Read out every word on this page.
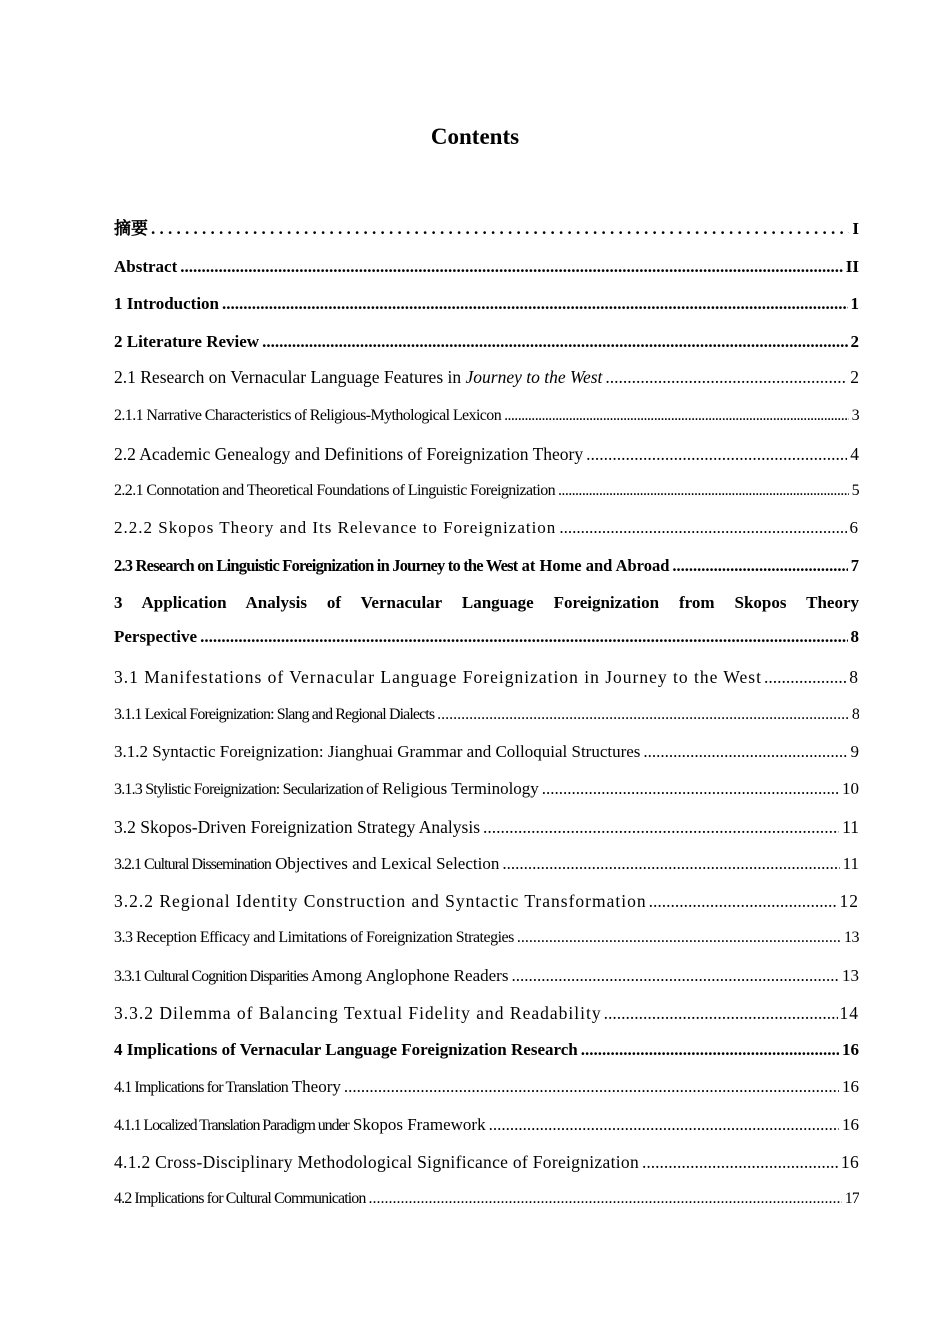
Contents
摘要 . . .	I
Abstract .....	II
1 Introduction .....	1
2 Literature Review .....	2
2.1 Research on Vernacular Language Features in Journey to the West .....	2
2.1.1 Narrative Characteristics of Religious-Mythological Lexicon .....	3
2.2 Academic Genealogy and Definitions of Foreignization Theory .....	4
2.2.1 Connotation and Theoretical Foundations of Linguistic Foreignization .....	5
2.2.2 Skopos Theory and Its Relevance to Foreignization .....	6
2.3 Research on Linguistic Foreignization in Journey to the West at Home and Abroad .....	7
3 Application Analysis of Vernacular Language Foreignization from Skopos Theory
Perspective .....	8
3.1 Manifestations of Vernacular Language Foreignization in Journey to the West .....	8
3.1.1 Lexical Foreignization: Slang and Regional Dialects .....	8
3.1.2 Syntactic Foreignization: Jianghuai Grammar and Colloquial Structures .....	9
3.1.3 Stylistic Foreignization: Secularization of Religious Terminology .....	10
3.2 Skopos-Driven Foreignization Strategy Analysis .....	11
3.2.1 Cultural Dissemination Objectives and Lexical Selection .....	11
3.2.2 Regional Identity Construction and Syntactic Transformation .....	12
3.3 Reception Efficacy and Limitations of Foreignization Strategies .....	13
3.3.1 Cultural Cognition Disparities Among Anglophone Readers .....	13
3.3.2 Dilemma of Balancing Textual Fidelity and Readability .....	14
4 Implications of Vernacular Language Foreignization Research .....	16
4.1 Implications for Translation Theory .....	16
4.1.1 Localized Translation Paradigm under Skopos Framework .....	16
4.1.2 Cross-Disciplinary Methodological Significance of Foreignization .....	16
4.2 Implications for Cultural Communication .....	17
